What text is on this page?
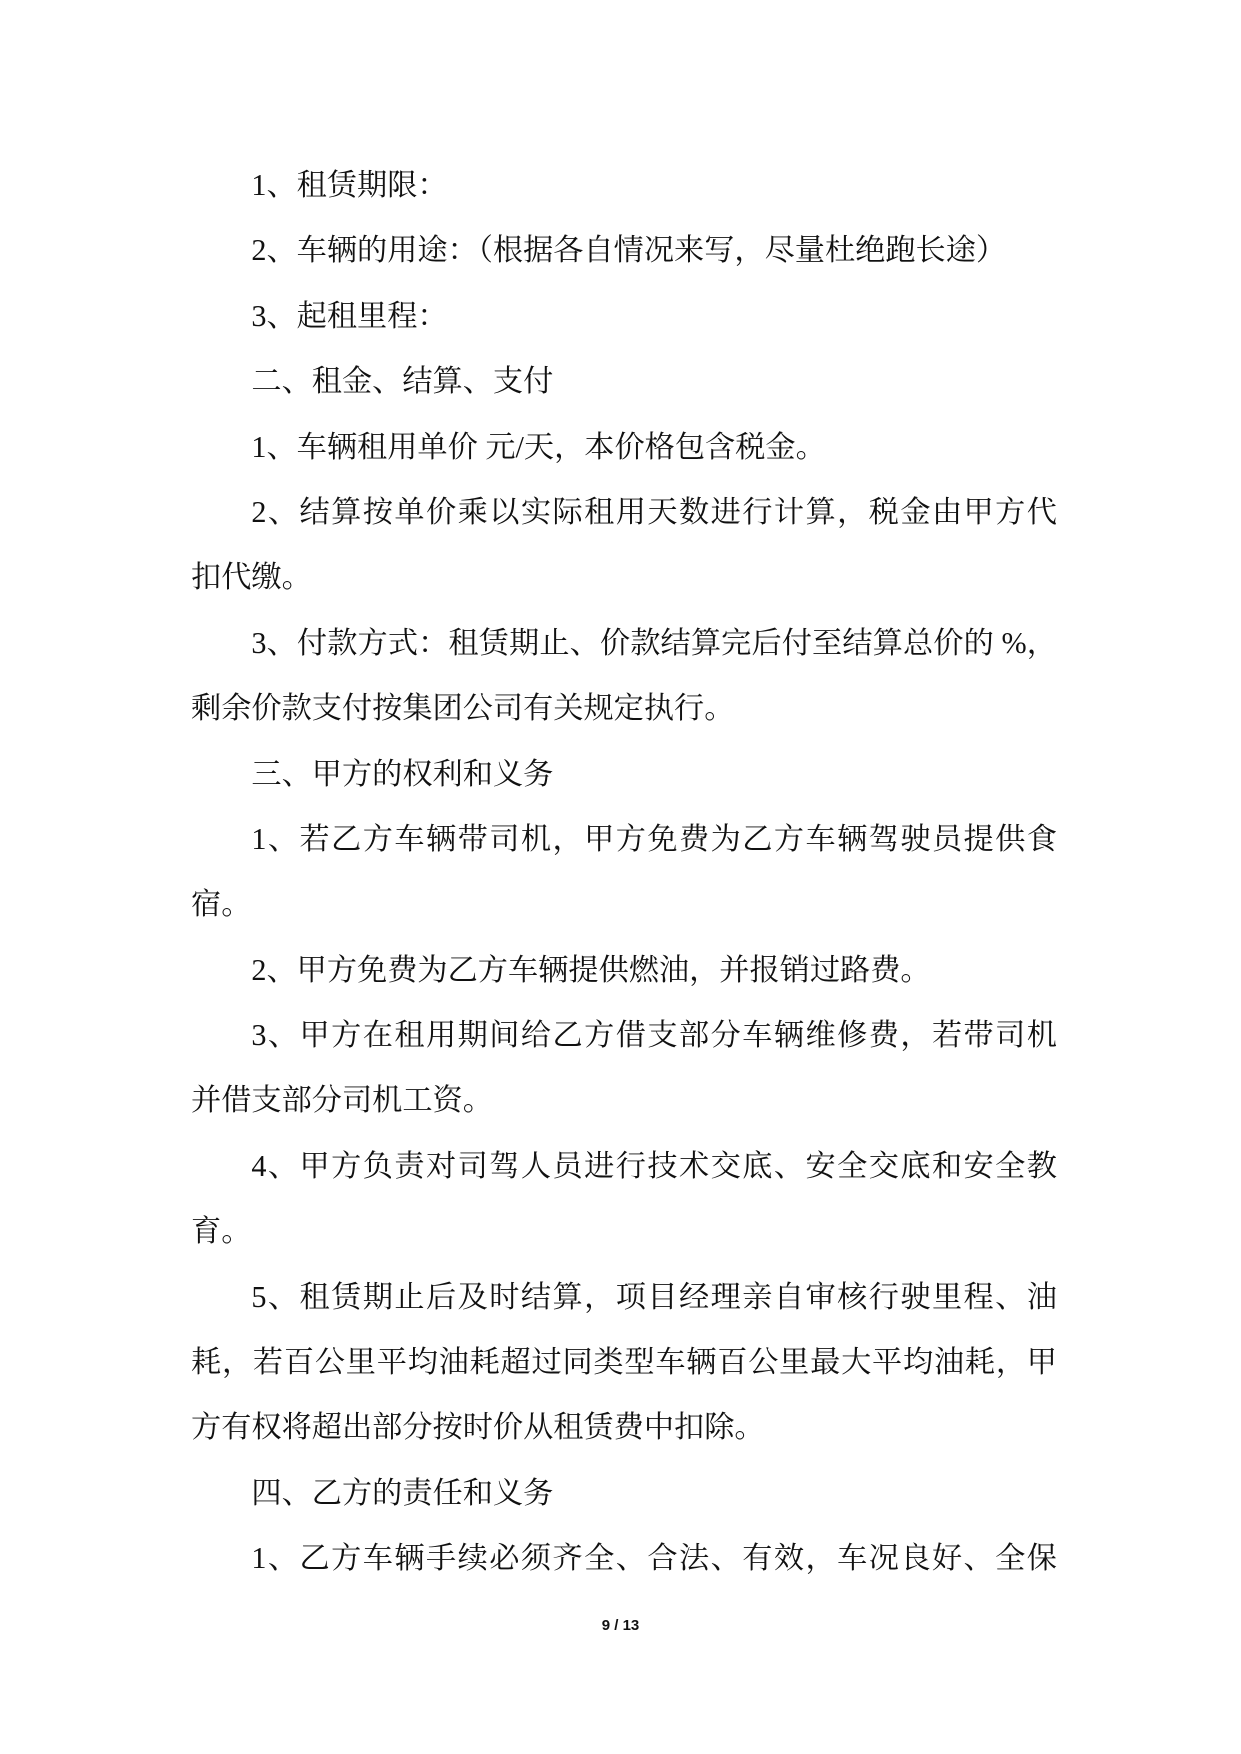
1、租赁期限：
2、车辆的用途：（根据各自情况来写，尽量杜绝跑长途）
3、起租里程：
二、租金、结算、支付
1、车辆租用单价 元/天，本价格包含税金。
2、结算按单价乘以实际租用天数进行计算，税金由甲方代
扣代缴。
3、付款方式：租赁期止、价款结算完后付至结算总价的 %，
剩余价款支付按集团公司有关规定执行。
三、甲方的权利和义务
1、若乙方车辆带司机，甲方免费为乙方车辆驾驶员提供食
宿。
2、甲方免费为乙方车辆提供燃油，并报销过路费。
3、甲方在租用期间给乙方借支部分车辆维修费，若带司机
并借支部分司机工资。
4、甲方负责对司驾人员进行技术交底、安全交底和安全教
育。
5、租赁期止后及时结算，项目经理亲自审核行驶里程、油
耗，若百公里平均油耗超过同类型车辆百公里最大平均油耗，甲
方有权将超出部分按时价从租赁费中扣除。
四、乙方的责任和义务
1、乙方车辆手续必须齐全、合法、有效，车况良好、全保
9 / 13
